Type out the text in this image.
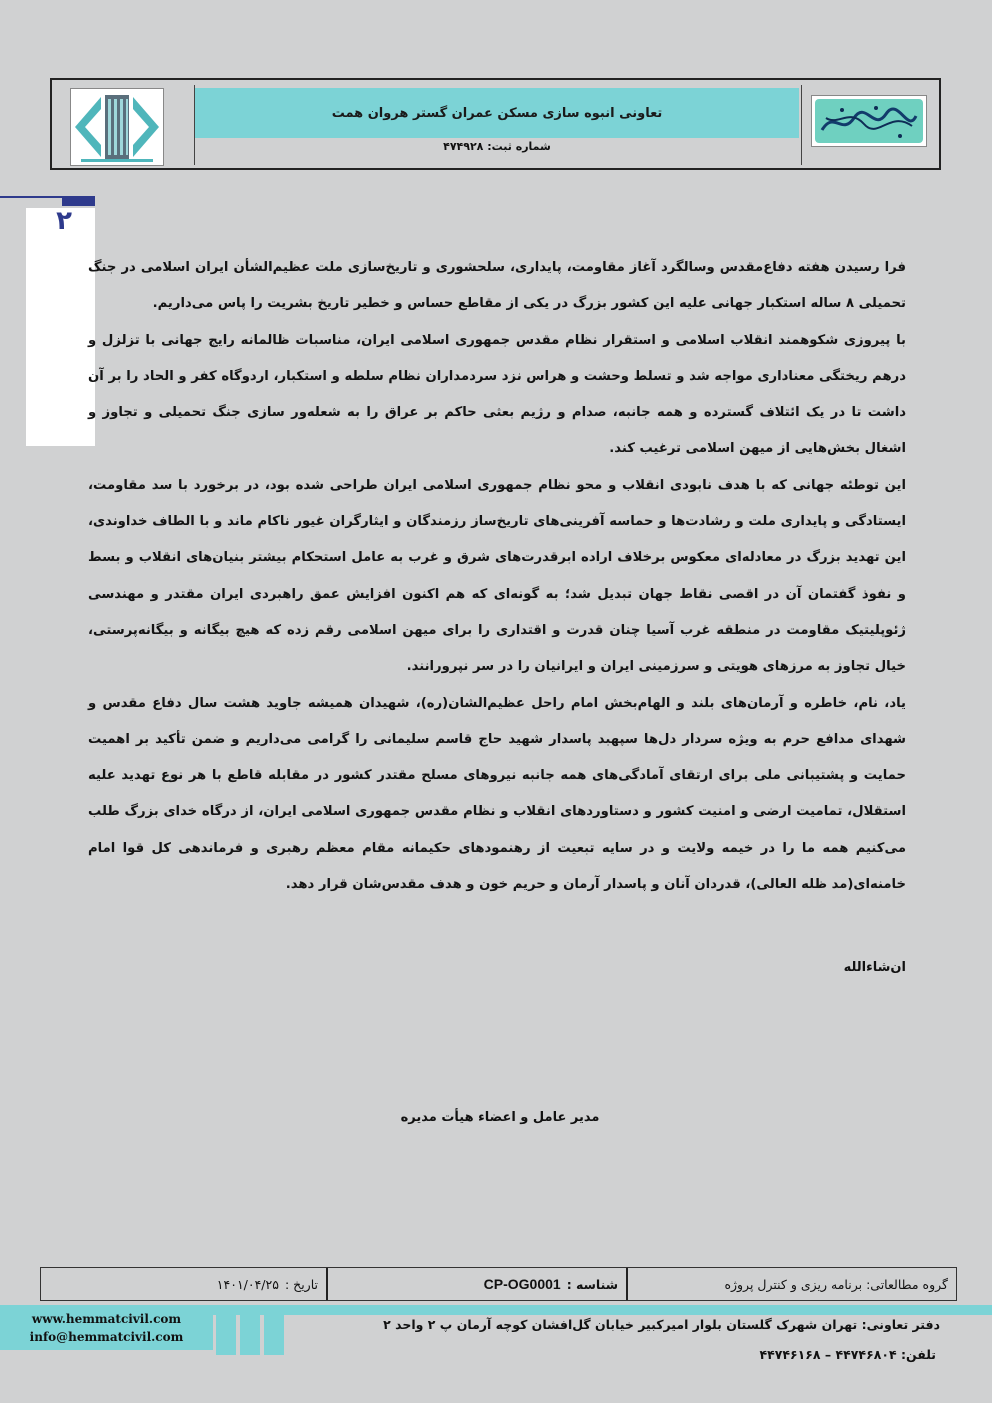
تعاونی انبوه سازی مسکن عمران گستر هروان همت
شماره ثبت: ۴۷۴۹۲۸
۲

فرا رسیدن هفته دفاع‌مقدس وسالگرد آغاز مقاومت، پایداری، سلحشوری و تاریخ‌سازی ملت عظیم‌الشأن ایران اسلامی در جنگ تحمیلی ۸ ساله استکبار جهانی علیه این کشور بزرگ در یکی از مقاطع حساس و خطیر تاریخ بشریت را پاس می‌داریم.

با پیروزی شکوهمند انقلاب اسلامی و استقرار نظام مقدس جمهوری اسلامی ایران، مناسبات ظالمانه رایج جهانی با تزلزل و درهم ریختگی معناداری مواجه شد و تسلط وحشت و هراس نزد سردمداران نظام سلطه و استکبار، اردوگاه کفر و الحاد را بر آن داشت تا در یک ائتلاف گسترده و همه جانبه، صدام و رژیم بعثی حاکم بر عراق را به شعله‌ور سازی جنگ تحمیلی و تجاوز و اشغال بخش‌هایی از میهن اسلامی ترغیب کند.

این توطئه جهانی که با هدف نابودی انقلاب و محو نظام جمهوری اسلامی ایران طراحی شده بود، در برخورد با سد مقاومت، ایستادگی و پایداری ملت و رشادت‌ها و حماسه آفرینی‌های تاریخ‌ساز رزمندگان و ایثارگران غیور ناکام ماند و با الطاف خداوندی، این تهدید بزرگ در معادله‌ای معکوس برخلاف اراده ابرقدرت‌های شرق و غرب به عامل استحکام بیشتر بنیان‌های انقلاب و بسط و نفوذ گفتمان آن در اقصی نقاط جهان تبدیل شد؛ به گونه‌ای که هم اکنون افزایش عمق راهبردی ایران مقتدر و مهندسی ژئوپلیتیک مقاومت در منطقه غرب آسیا چنان قدرت و اقتداری را برای میهن اسلامی رقم زده که هیچ بیگانه و بیگانه‌پرستی، خیال تجاوز به مرزهای هویتی و سرزمینی ایران و ایرانیان را در سر نپرورانند.

یاد، نام، خاطره و آرمان‌های بلند و الهام‌بخش امام راحل عظیم‌الشان(ره)، شهیدان همیشه جاوید هشت سال دفاع مقدس و شهدای مدافع حرم به ویژه سردار دل‌ها سپهبد پاسدار شهید حاج قاسم سلیمانی را گرامی می‌داریم و ضمن تأکید بر اهمیت حمایت و پشتیبانی ملی برای ارتقای آمادگی‌های همه جانبه نیروهای مسلح مقتدر کشور در مقابله قاطع با هر نوع تهدید علیه استقلال، تمامیت ارضی و امنیت کشور و دستاوردهای انقلاب و نظام مقدس جمهوری اسلامی ایران، از درگاه خدای بزرگ طلب می‌کنیم همه ما را در خیمه ولایت و در سایه تبعیت از رهنمودهای حکیمانه مقام معظم رهبری و فرماندهی کل قوا امام خامنه‌ای(مد ظله العالی)، قدردان آنان و پاسدار آرمان و حریم خون و هدف مقدس‌شان قرار دهد.

ان‌شاءالله
مدیر عامل و اعضاء هیأت مدیره
گروه مطالعاتی: برنامه ریزی و کنترل پروژه
شناسه :
CP-OG0001
تاریخ :
۱۴۰۱/۰۴/۲۵
www.hemmatcivil.com
info@hemmatcivil.com
دفتر تعاونی: تهران شهرک گلستان بلوار امیرکبیر خیابان گل‌افشان کوچه آرمان پ ۲ واحد ۲
تلفن: ۴۴۷۴۶۸۰۴ – ۴۴۷۴۶۱۶۸
